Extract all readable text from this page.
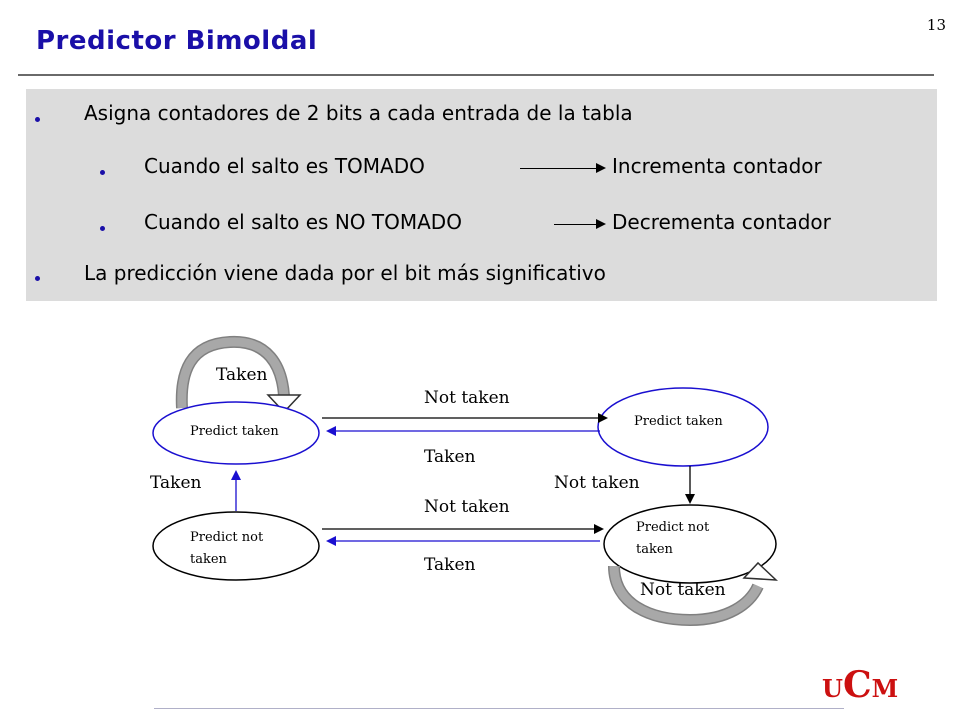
13
Predictor Bimoldal
Asigna contadores de 2 bits a cada entrada de la tabla
Cuando el salto es TOMADO	Incrementa contador
Cuando el salto es NO TOMADO	Decrementa contador
La predicción viene dada por el bit más significativo
Taken
Predict taken
Predict taken
Predict not
taken
Predict not
taken
Not taken
Taken
Taken	Not taken
Not taken
Taken
Not taken
UCM
